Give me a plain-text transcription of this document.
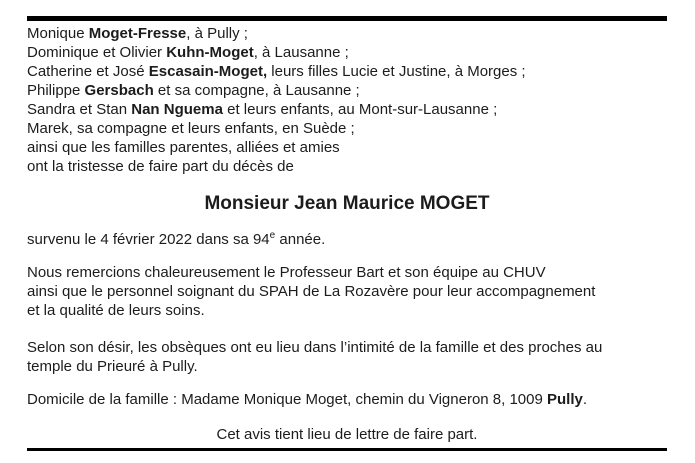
Monique Moget-Fresse, à Pully ;

Dominique et Olivier Kuhn-Moget, à Lausanne ;

Catherine et José Escasain-Moget, leurs filles Lucie et Justine, à Morges ;

Philippe Gersbach et sa compagne, à Lausanne ;

Sandra et Stan Nan Nguema et leurs enfants, au Mont-sur-Lausanne ;

Marek, sa compagne et leurs enfants, en Suède ;

ainsi que les familles parentes, alliées et amies

ont la tristesse de faire part du décès de

Monsieur Jean Maurice MOGET

survenu le 4 février 2022 dans sa 94e année.

Nous remercions chaleureusement le Professeur Bart et son équipe au CHUV

ainsi que le personnel soignant du SPAH de La Rozavère pour leur accompagnement

et la qualité de leurs soins.

Selon son désir, les obsèques ont eu lieu dans l’intimité de la famille et des proches au

temple du Prieuré à Pully.

Domicile de la famille : Madame Monique Moget, chemin du Vigneron 8, 1009 Pully.

Cet avis tient lieu de lettre de faire part.
